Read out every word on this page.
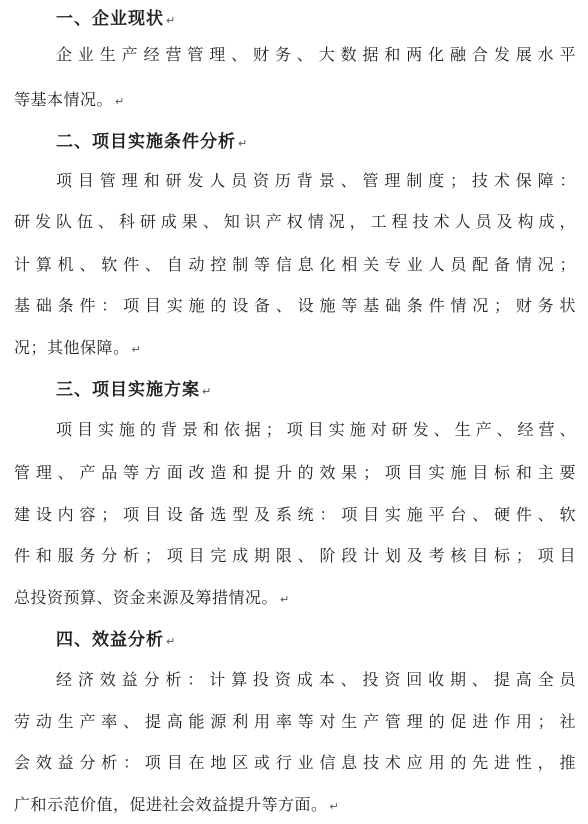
一、企业现状 ↵
企业生产经营管理、财务、大数据和两化融合发展水平
等基本情况。 ↵
二、项目实施条件分析 ↵
项目管理和研发人员资历背景、管理制度；技术保障：
研发队伍、科研成果、知识产权情况，工程技术人员及构成，
计算机、软件、自动控制等信息化相关专业人员配备情况；
基础条件：项目实施的设备、设施等基础条件情况；财务状
况；其他保障。 ↵
三、项目实施方案 ↵
项目实施的背景和依据；项目实施对研发、生产、经营、
管理、产品等方面改造和提升的效果；项目实施目标和主要
建设内容；项目设备选型及系统：项目实施平台、硬件、软
件和服务分析；项目完成期限、阶段计划及考核目标；项目
总投资预算、资金来源及筹措情况。 ↵
四、效益分析 ↵
经济效益分析：计算投资成本、投资回收期、提高全员
劳动生产率、提高能源利用率等对生产管理的促进作用；社
会效益分析：项目在地区或行业信息技术应用的先进性，推
广和示范价值，促进社会效益提升等方面。 ↵
